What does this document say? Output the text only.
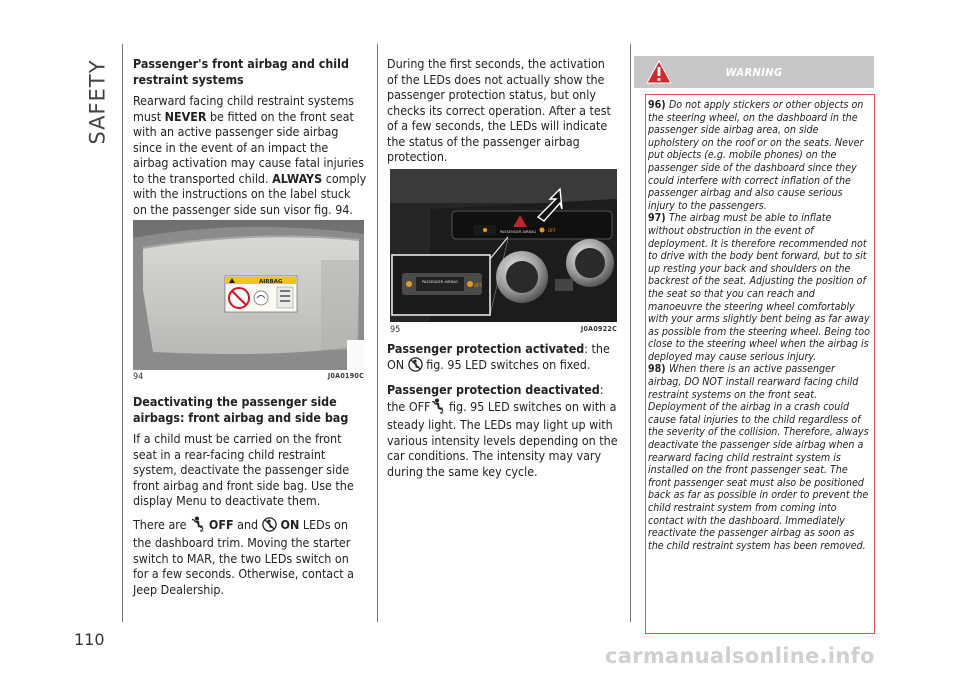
SAFETY
110

Passenger's front airbag and child restraint systems

Rearward facing child restraint systems must NEVER be fitted on the front seat with an active passenger side airbag since in the event of an impact the airbag activation may cause fatal injuries to the transported child. ALWAYS comply with the instructions on the label stuck on the passenger side sun visor fig. 94.

AIRBAG
94	J0A0190C

Deactivating the passenger side airbags: front airbag and side bag

If a child must be carried on the front seat in a rear-facing child restraint system, deactivate the passenger side front airbag and front side bag. Use the display Menu to deactivate them.

There are 2 OFF and  ON LEDs on the dashboard trim. Moving the starter switch to MAR, the two LEDs switch on for a few seconds. Otherwise, contact a Jeep Dealership.

During the first seconds, the activation of the LEDs does not actually show the passenger protection status, but only checks its correct operation. After a test of a few seconds, the LEDs will indicate the status of the passenger airbag protection.

PASSENGER AIRBAG	OFF
PASSENGER AIRBAG
OFF
95	J0A0922C

Passenger protection activated: the ON  fig. 95 LED switches on fixed.

Passenger protection deactivated: the OFF 2 fig. 95 LED switches on with a steady light. The LEDs may light up with various intensity levels depending on the car conditions. The intensity may vary during the same key cycle.

WARNING
96) Do not apply stickers or other objects on the steering wheel, on the dashboard in the passenger side airbag area, on side upholstery on the roof or on the seats. Never put objects (e.g. mobile phones) on the passenger side of the dashboard since they could interfere with correct inflation of the passenger airbag and also cause serious injury to the passengers.
97) The airbag must be able to inflate without obstruction in the event of deployment. It is therefore recommended not to drive with the body bent forward, but to sit up resting your back and shoulders on the backrest of the seat. Adjusting the position of the seat so that you can reach and manoeuvre the steering wheel comfortably with your arms slightly bent being as far away as possible from the steering wheel. Being too close to the steering wheel when the airbag is deployed may cause serious injury.
98) When there is an active passenger airbag, DO NOT install rearward facing child restraint systems on the front seat. Deployment of the airbag in a crash could cause fatal injuries to the child regardless of the severity of the collision. Therefore, always deactivate the passenger side airbag when a rearward facing child restraint system is installed on the front passenger seat. The front passenger seat must also be positioned back as far as possible in order to prevent the child restraint system from coming into contact with the dashboard. Immediately reactivate the passenger airbag as soon as the child restraint system has been removed.
carmanualsonline.info
